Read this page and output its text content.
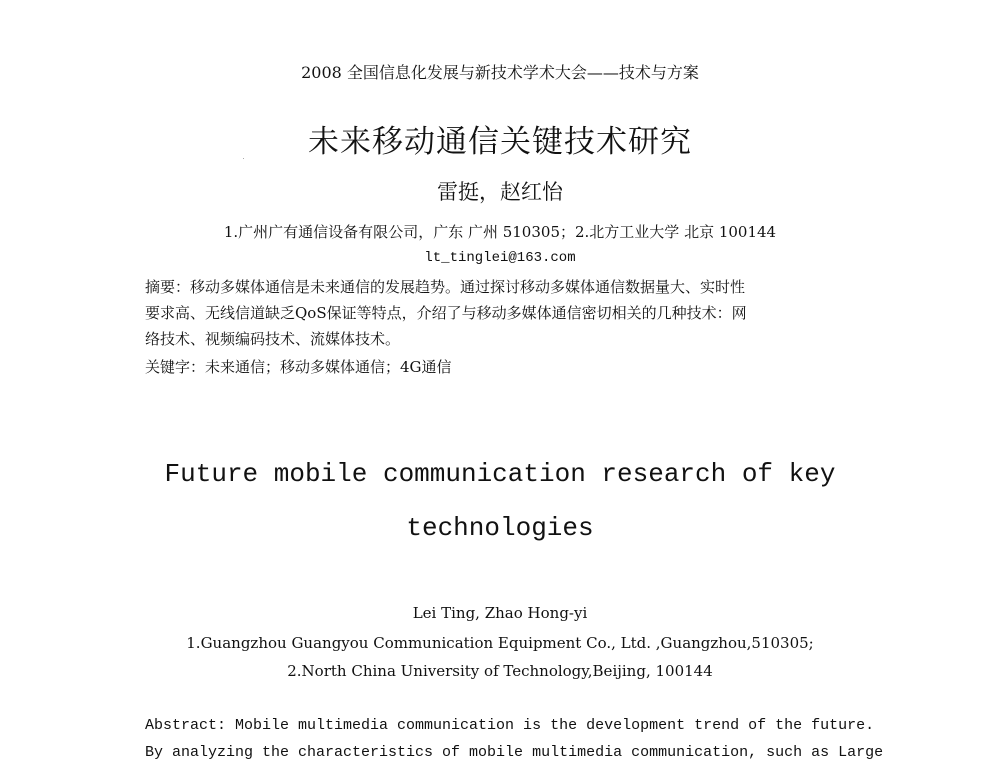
2008 全国信息化发展与新技术学术大会——技术与方案
未来移动通信关键技术研究
雷挺，赵红怡
1.广州广有通信设备有限公司，广东 广州 510305；2.北方工业大学 北京 100144
lt_tinglei@163.com

摘要：移动多媒体通信是未来通信的发展趋势。通过探讨移动多媒体通信数据量大、实时性

要求高、无线信道缺乏QoS保证等特点，介绍了与移动多媒体通信密切相关的几种技术：网

络技术、视频编码技术、流媒体技术。

关键字：未来通信；移动多媒体通信；4G通信
Future mobile communication research of key
technologies
Lei Ting, Zhao Hong-yi
1.Guangzhou Guangyou Communication Equipment Co., Ltd. ,Guangzhou,510305;
2.North China University of Technology,Beijing, 100144

Abstract: Mobile multimedia communication is the development trend of the future.

By analyzing the characteristics of mobile multimedia communication, such as Large
